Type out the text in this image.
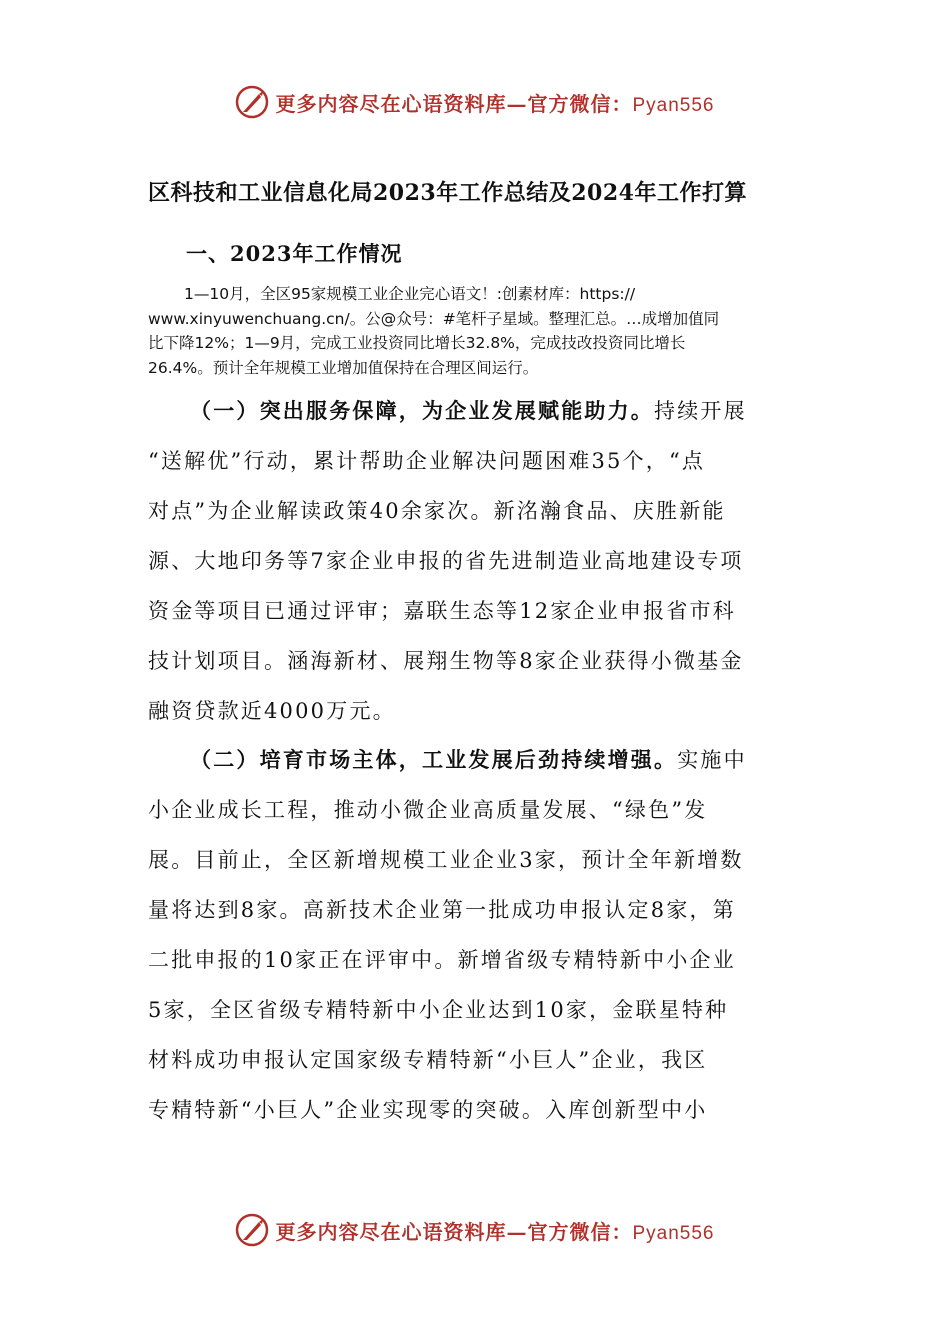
更多内容尽在心语资料库—官方微信：Pyan556
区科技和工业信息化局2023年工作总结及2024年工作打算
一、2023年工作情况
1—10月，全区95家规模工业企业完心语文！:创素材库：https://
www.xinyuwenchuang.cn/。公@众号：#笔杆子星域。整理汇总。…成增加值同
比下降12%；1—9月，完成工业投资同比增长32.8%，完成技改投资同比增长
26.4%。预计全年规模工业增加值保持在合理区间运行。
（一）突出服务保障，为企业发展赋能助力。持续开展
“送解优”行动，累计帮助企业解决问题困难35个，“点
对点”为企业解读政策40余家次。新洺瀚食品、庆胜新能
源、大地印务等7家企业申报的省先进制造业高地建设专项
资金等项目已通过评审；嘉联生态等12家企业申报省市科
技计划项目。涵海新材、展翔生物等8家企业获得小微基金
融资贷款近4000万元。
（二）培育市场主体，工业发展后劲持续增强。实施中
小企业成长工程，推动小微企业高质量发展、“绿色”发
展。目前止，全区新增规模工业企业3家，预计全年新增数
量将达到8家。高新技术企业第一批成功申报认定8家，第
二批申报的10家正在评审中。新增省级专精特新中小企业
5家，全区省级专精特新中小企业达到10家，金联星特种
材料成功申报认定国家级专精特新“小巨人”企业，我区
专精特新“小巨人”企业实现零的突破。入库创新型中小
更多内容尽在心语资料库—官方微信：Pyan556
